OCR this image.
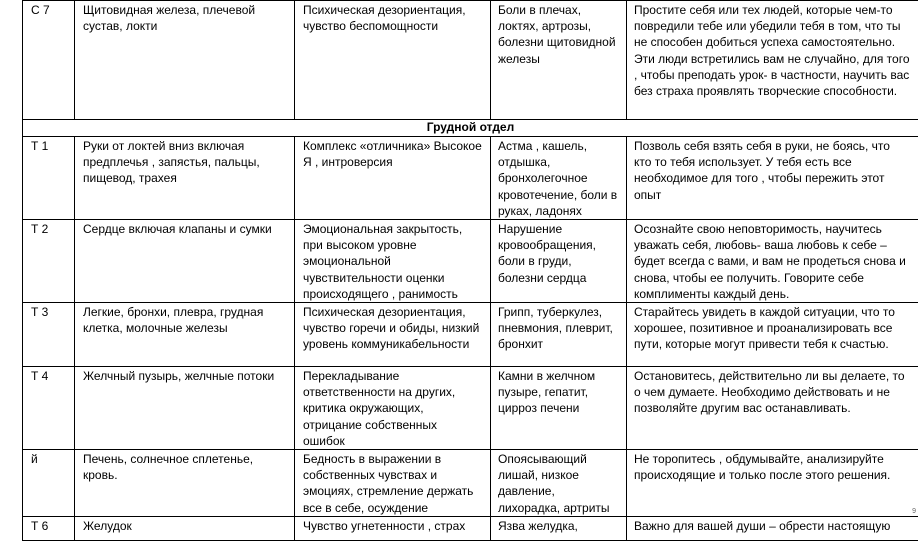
С 7	Щитовидная железа, плечевой сустав, локти	Психическая дезориентация, чувство беспомощности	Боли в плечах, локтях, артрозы, болезни щитовидной железы	Простите себя или тех людей, которые чем-то повредили тебе или убедили тебя в том, что ты не способен добиться успеха самостоятельно. Эти люди встретились вам не случайно, для того , чтобы преподать урок- в частности, научить вас без страха проявлять творческие способности.
Грудной отдел				
Т 1	Руки от локтей вниз включая предплечья , запястья, пальцы, пищевод, трахея	Комплекс «отличника» Высокое Я , интроверсия	Астма , кашель, отдышка, бронхолегочное кровотечение, боли в руках, ладонях	Позволь себя взять себя в руки, не боясь, что кто то тебя использует. У тебя есть все необходимое для того , чтобы пережить этот опыт
Т 2	Сердце включая клапаны и сумки	Эмоциональная закрытость, при высоком уровне эмоциональной чувствительности оценки происходящего , ранимость	Нарушение кровообращения, боли в груди, болезни сердца	Осознайте свою неповторимость, научитесь уважать себя, любовь- ваша любовь к себе – будет всегда с вами, и вам не продеться снова и снова, чтобы ее получить. Говорите себе комплименты каждый день.
Т 3	Легкие, бронхи, плевра, грудная клетка, молочные железы	Психическая дезориентация, чувство горечи и обиды, низкий уровень коммуникабельности	Грипп, туберкулез, пневмония, плеврит, бронхит	Старайтесь увидеть в каждой ситуации, что то хорошее, позитивное и проанализировать все пути, которые могут привести тебя к счастью.
Т 4	Желчный пузырь, желчные потоки	Перекладывание ответственности на других, критика окружающих, отрицание собственных ошибок	Камни в желчном пузыре, гепатит, цирроз печени	Остановитесь, действительно ли вы делаете, то о чем думаете. Необходимо действовать и не позволяйте другим вас останавливать.
й	Печень, солнечное сплетенье, кровь.	Бедность в выражении в собственных чувствах и эмоциях, стремление держать все в себе, осуждение	Опоясывающий лишай, низкое давление, лихорадка, артриты	Не торопитесь , обдумывайте, анализируйте происходящие и только после этого решения.
Т 6	Желудок	Чувство угнетенности , страх	Язва желудка,	Важно для вашей души – обрести настоящую
9
